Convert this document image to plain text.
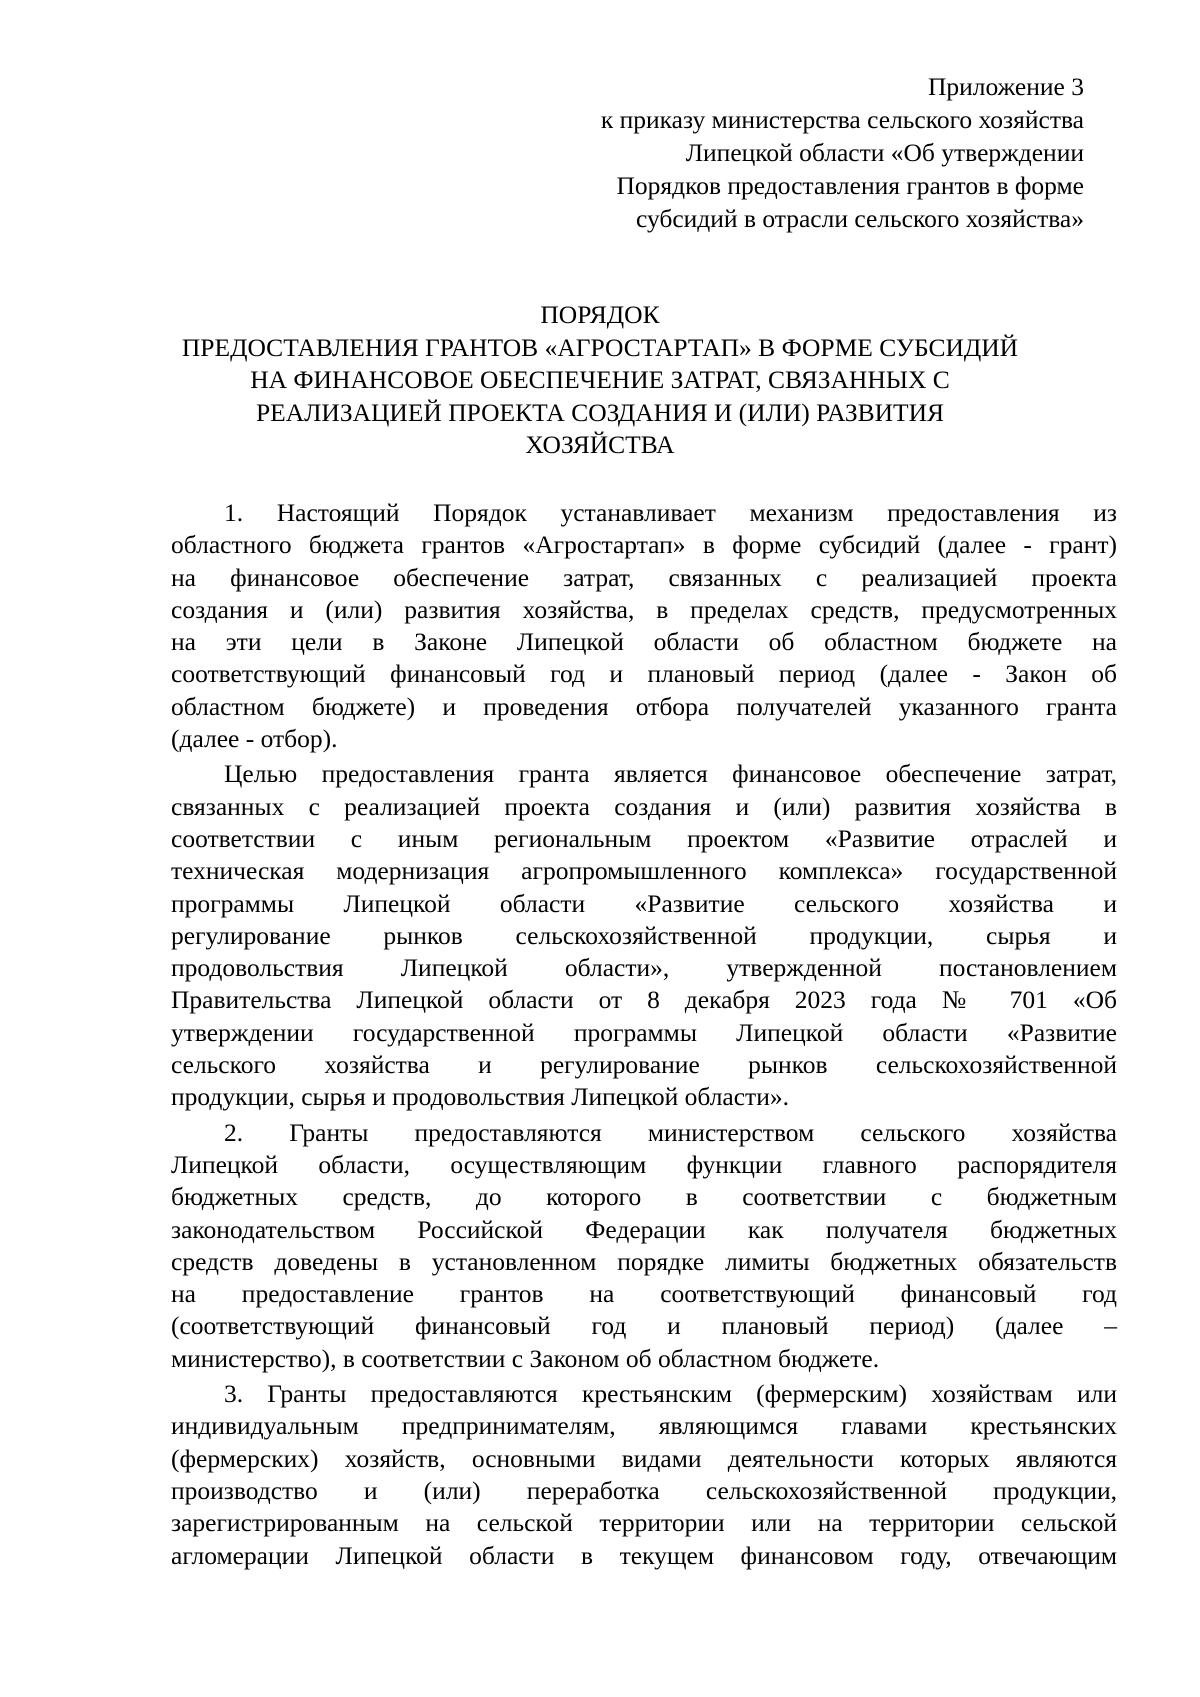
Приложение 3
к приказу министерства сельского хозяйства
Липецкой области «Об утверждении
Порядков предоставления грантов в форме
субсидий в отрасли сельского хозяйства»
ПОРЯДОК
ПРЕДОСТАВЛЕНИЯ ГРАНТОВ «АГРОСТАРТАП» В ФОРМЕ СУБСИДИЙ
НА ФИНАНСОВОЕ ОБЕСПЕЧЕНИЕ ЗАТРАТ, СВЯЗАННЫХ С
РЕАЛИЗАЦИЕЙ ПРОЕКТА СОЗДАНИЯ И (ИЛИ) РАЗВИТИЯ
ХОЗЯЙСТВА
1. Настоящий Порядок устанавливает механизм предоставления из
областного бюджета грантов «Агростартап» в форме субсидий (далее - грант)
на финансовое обеспечение затрат, связанных с реализацией проекта
создания и (или) развития хозяйства, в пределах средств, предусмотренных
на эти цели в Законе Липецкой области об областном бюджете на
соответствующий финансовый год и плановый период (далее - Закон об
областном бюджете) и проведения отбора получателей указанного гранта
(далее - отбор).
Целью предоставления гранта является финансовое обеспечение затрат,
связанных с реализацией проекта создания и (или) развития хозяйства в
соответствии с иным региональным проектом «Развитие отраслей и
техническая модернизация агропромышленного комплекса» государственной
программы Липецкой области «Развитие сельского хозяйства и
регулирование рынков сельскохозяйственной продукции, сырья и
продовольствия Липецкой области», утвержденной постановлением
Правительства Липецкой области от 8 декабря 2023 года № 701 «Об
утверждении государственной программы Липецкой области «Развитие
сельского хозяйства и регулирование рынков сельскохозяйственной
продукции, сырья и продовольствия Липецкой области».
2. Гранты предоставляются министерством сельского хозяйства
Липецкой области, осуществляющим функции главного распорядителя
бюджетных средств, до которого в соответствии с бюджетным
законодательством Российской Федерации как получателя бюджетных
средств доведены в установленном порядке лимиты бюджетных обязательств
на предоставление грантов на соответствующий финансовый год
(соответствующий финансовый год и плановый период) (далее –
министерство), в соответствии с Законом об областном бюджете.
3. Гранты предоставляются крестьянским (фермерским) хозяйствам или
индивидуальным предпринимателям, являющимся главами крестьянских
(фермерских) хозяйств, основными видами деятельности которых являются
производство и (или) переработка сельскохозяйственной продукции,
зарегистрированным на сельской территории или на территории сельской
агломерации Липецкой области в текущем финансовом году, отвечающим
